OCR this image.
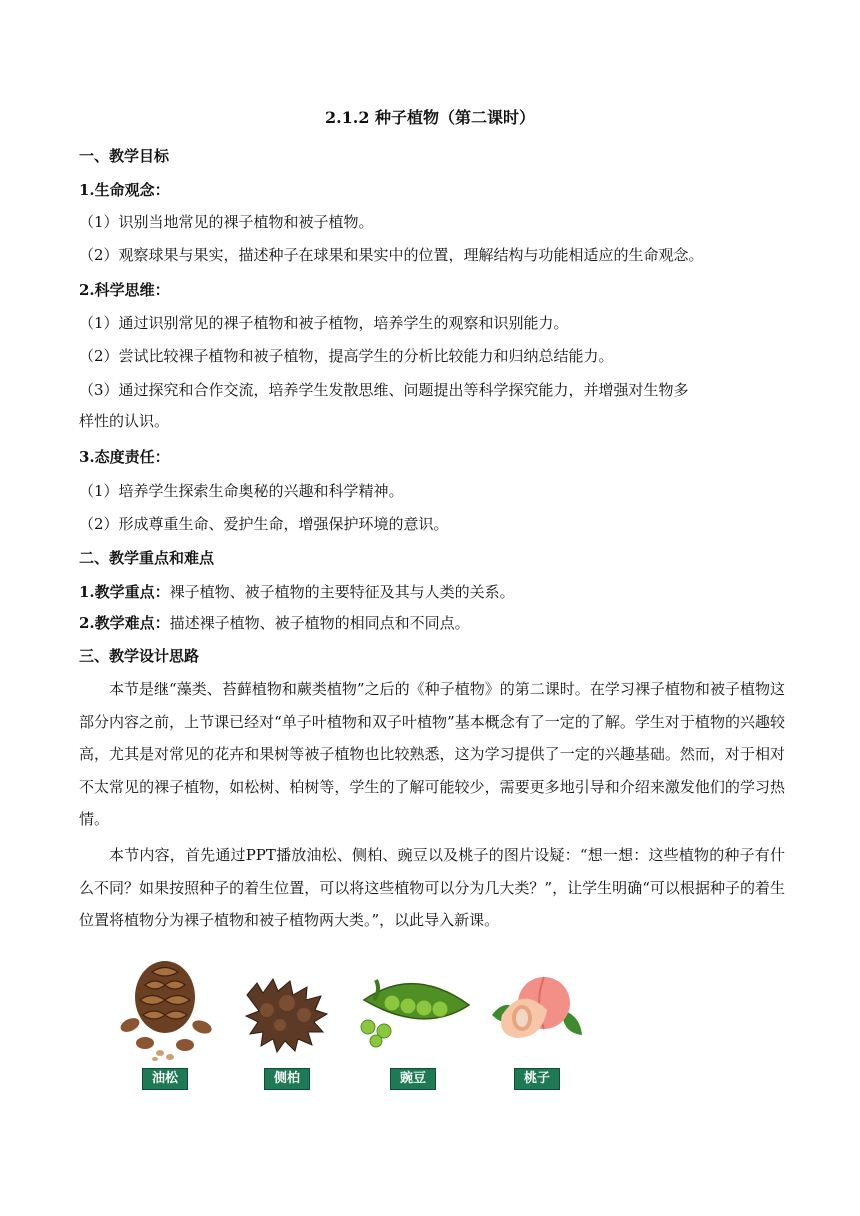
2.1.2 种子植物（第二课时）
一、教学目标
1.生命观念：
（1）识别当地常见的裸子植物和被子植物。
（2）观察球果与果实，描述种子在球果和果实中的位置，理解结构与功能相适应的生命观念。
2.科学思维：
（1）通过识别常见的裸子植物和被子植物，培养学生的观察和识别能力。
（2）尝试比较裸子植物和被子植物，提高学生的分析比较能力和归纳总结能力。
（3）通过探究和合作交流，培养学生发散思维、问题提出等科学探究能力，并增强对生物多
样性的认识。
3.态度责任：
（1）培养学生探索生命奥秘的兴趣和科学精神。
（2）形成尊重生命、爱护生命，增强保护环境的意识。
二、教学重点和难点
1.教学重点：裸子植物、被子植物的主要特征及其与人类的关系。
2.教学难点：描述裸子植物、被子植物的相同点和不同点。
三、教学设计思路
本节是继“藻类、苔藓植物和蕨类植物”之后的《种子植物》的第二课时。在学习裸子植物和被子植物这部分内容之前，上节课已经对“单子叶植物和双子叶植物”基本概念有了一定的了解。学生对于植物的兴趣较高，尤其是对常见的花卉和果树等被子植物也比较熟悉，这为学习提供了一定的兴趣基础。然而，对于相对不太常见的裸子植物，如松树、柏树等，学生的了解可能较少，需要更多地引导和介绍来激发他们的学习热情。
本节内容，首先通过PPT播放油松、侧柏、豌豆以及桃子的图片设疑：“想一想：这些植物的种子有什么不同？如果按照种子的着生位置，可以将这些植物可以分为几大类？”，让学生明确“可以根据种子的着生位置将植物分为裸子植物和被子植物两大类。”，以此导入新课。
油松	侧柏	豌豆	桃子
